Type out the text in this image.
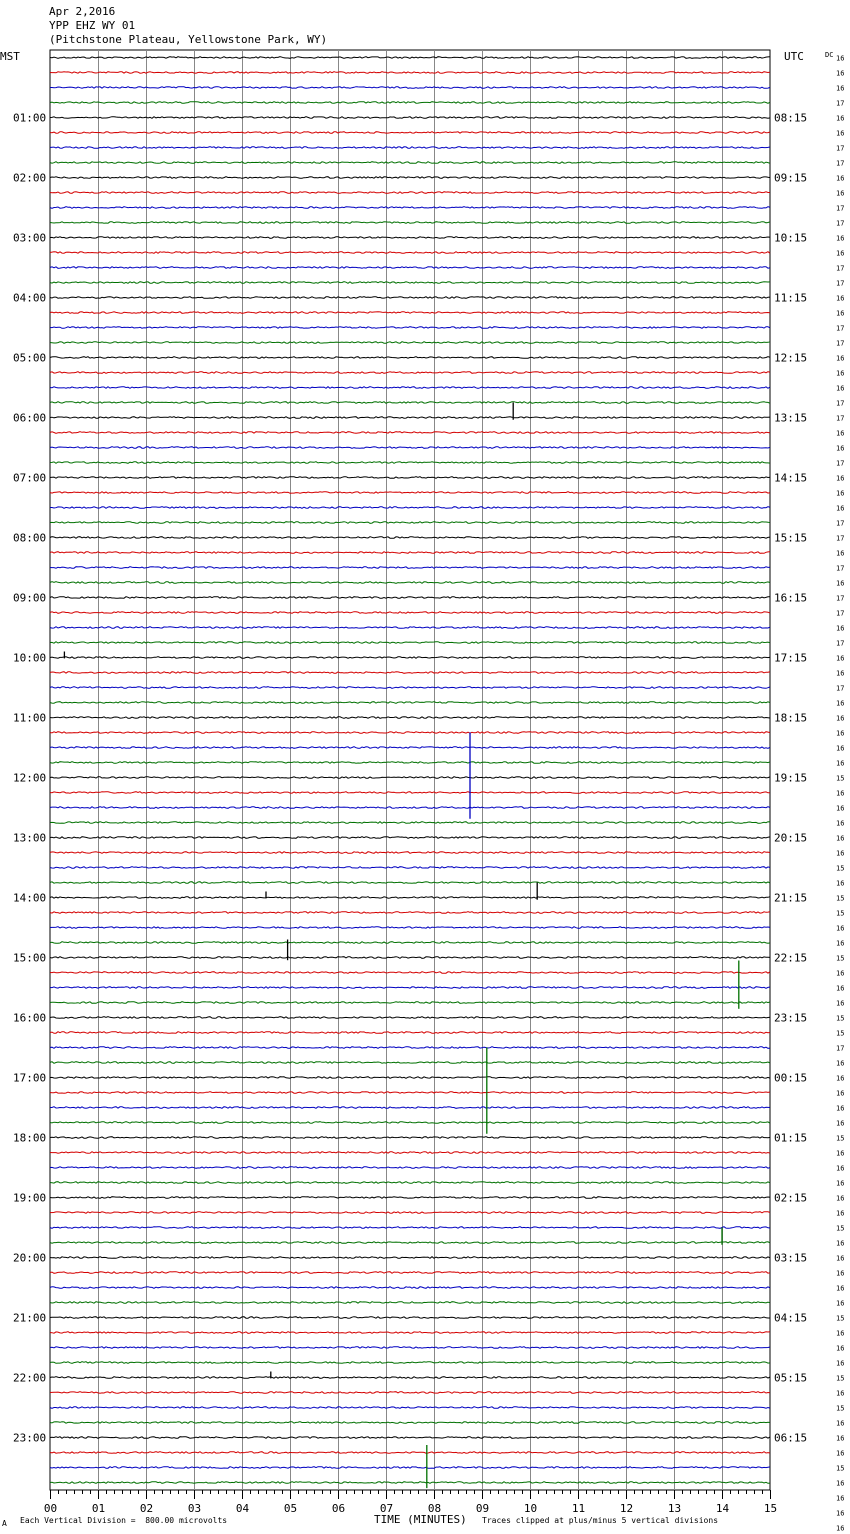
Apr 2,2016
YPP EHZ WY 01
(Pitchstone Plateau, Yellowstone Park, WY)
MST	UTC
01:00
02:00
03:00
04:00
05:00
06:00
07:00
08:00
09:00
10:00
11:00
12:00
13:00
14:00
15:00
16:00
17:00
18:00
19:00
20:00
21:00
22:00
23:00
08:15
09:15
10:15
11:15
12:15
13:15
14:15
15:15
16:15
17:15
18:15
19:15
20:15
21:15
22:15
23:15
00:15
01:15
02:15
03:15
04:15
05:15
06:15
DC 16
16
16
17
16
16
17
17
16
16
17
17
16
16
17
17
16
16
17
17
16
16
16
17
17
16
16
17
16
16
16
17
17
16
17
16
17
17
16
17
16
16
17
16
16
16
16
16
15
16
16
16
16
16
15
16
15
15
16
16
15
16
16
16
15
15
17
16
16
16
16
16
15
16
16
16
16
16
15
16
16
16
16
16
15
16
16
16
15
16
15
16
16
16
15
16
16
16
16
00	01	02	03	04	05	06	07	08	09	10	11	12	13	14	15
A Each Vertical Division =  800.00 microvolts	TIME (MINUTES) Traces clipped at plus/minus 5 vertical divisions
